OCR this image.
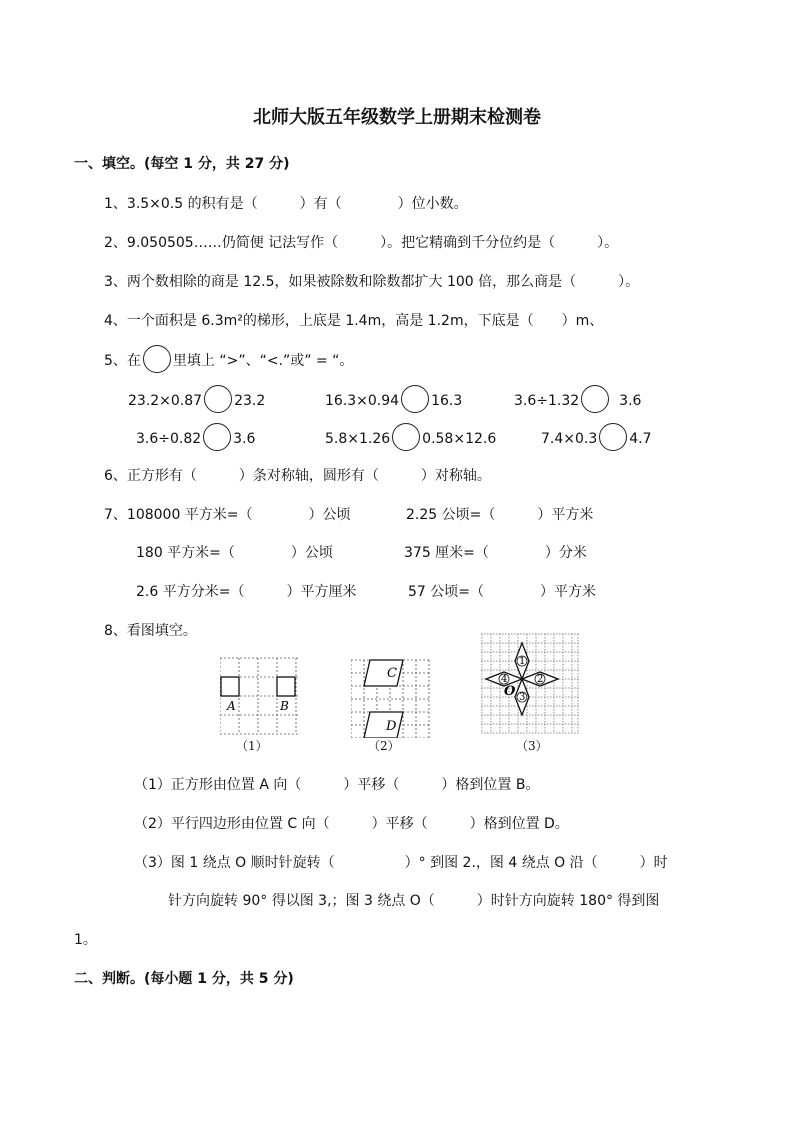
北师大版五年级数学上册期末检测卷
一、填空。(每空 1 分，共 27 分)
1、3.5×0.5 的积有是（　　　）有（　　　　）位小数。
2、9.050505……仍简便 记法写作（　　　）。把它精确到千分位约是（　　　）。
3、两个数相除的商是 12.5，如果被除数和除数都扩大 100 倍，那么商是（　　　）。
4、一个面积是 6.3m²的梯形，上底是 1.4m，高是 1.2m，下底是（　　）m、
5、在 里填上 “>”、“<.”或” = “。
23.2×0.87 23.2	16.3×0.94 16.3	3.6÷1.32	3.6
3.6÷0.82 3.6	5.8×1.26 0.58×12.6	7.4×0.3 4.7
6、正方形有（　　　）条对称轴，圆形有（　　　）对称轴。
7、108000 平方米=（　　　　）公顷	2.25 公顷=（　　　）平方米
180 平方米=（　　　　）公顷	375 厘米=（　　　　）分米
2.6 平方分米=（　　　）平方厘米	57 公顷=（　　　　）平方米
8、看图填空。
A	B
（1）
C
D
（2）
1
2
3
4
O
（3）
（1）正方形由位置 A 向（　　　）平移（　　　）格到位置 B。
（2）平行四边形由位置 C 向（　　　）平移（　　　）格到位置 D。
（3）图 1 绕点 O 顺时针旋转（　　　　　）° 到图 2.，图 4 绕点 O 沿（　　　）时
针方向旋转 90° 得以图 3,；图 3 绕点 O（　　　）时针方向旋转 180° 得到图
1。
二、判断。(每小题 1 分，共 5 分)
